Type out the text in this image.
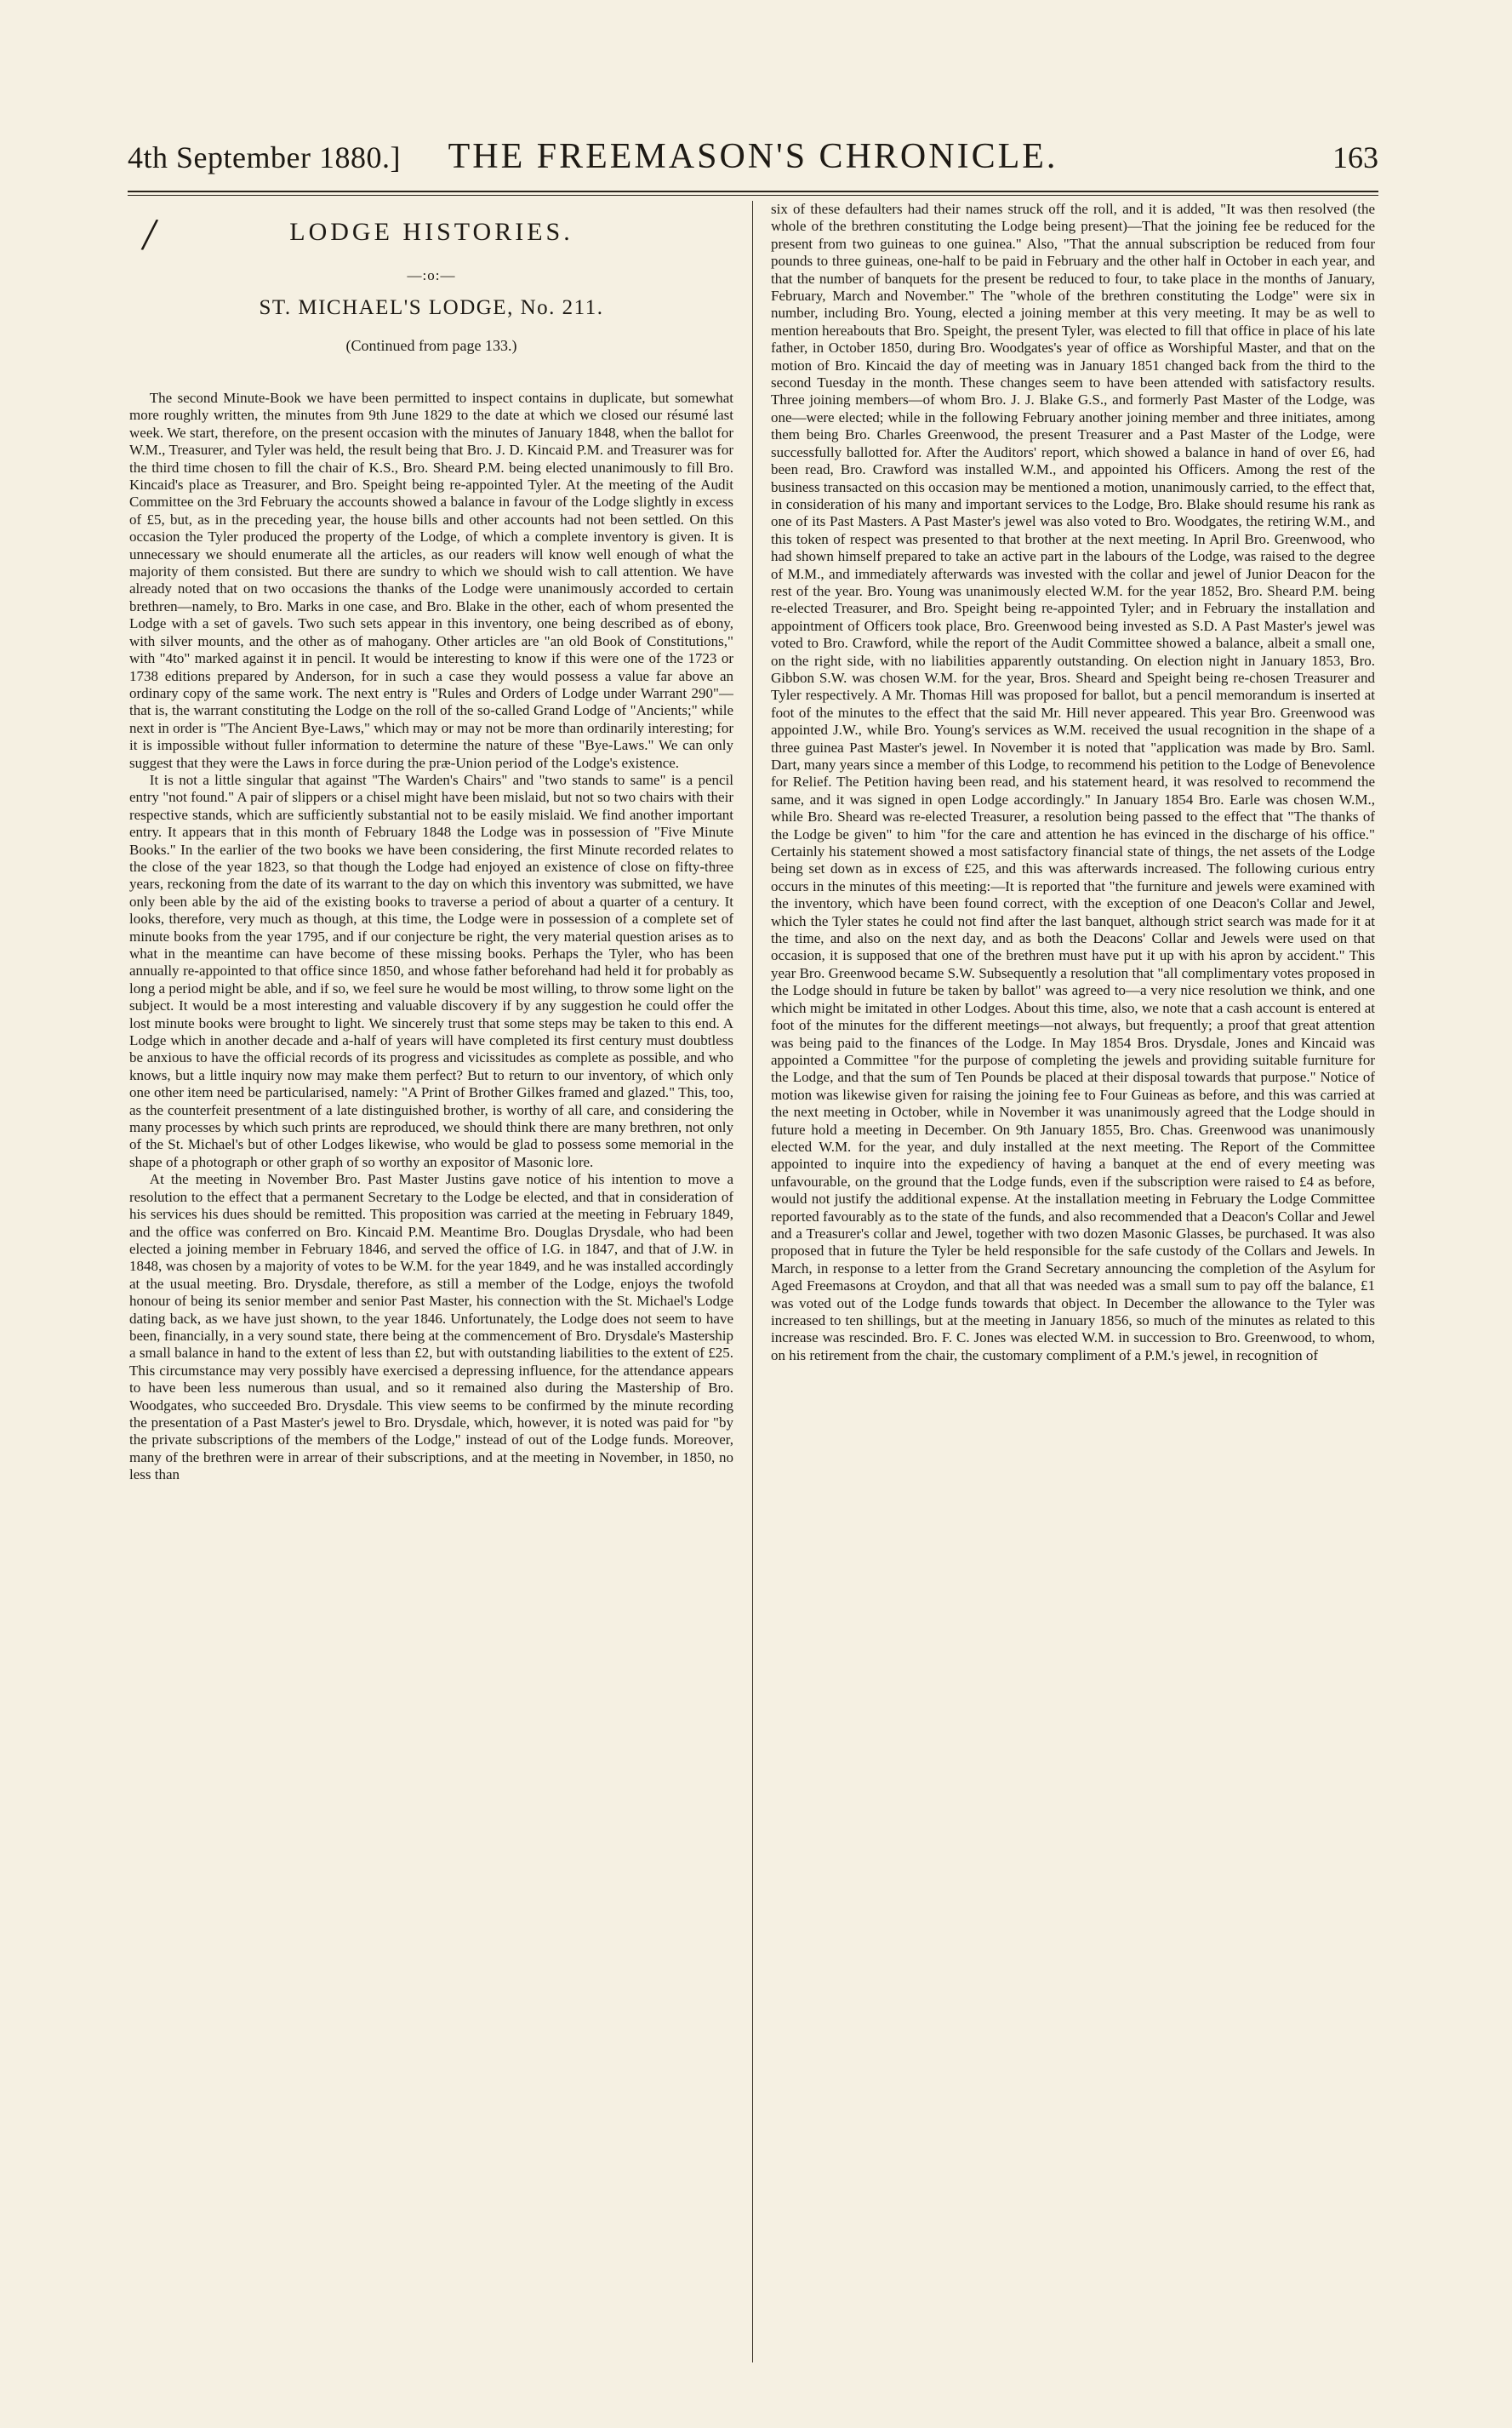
4th September 1880.]	THE FREEMASON'S CHRONICLE.	163
/	LODGE HISTORIES.
—:o:—
ST. MICHAEL'S LODGE, No. 211.
(Continued from page 133.)

The second Minute-Book we have been permitted to inspect contains in duplicate, but somewhat more roughly written, the minutes from 9th June 1829 to the date at which we closed our résumé last week. We start, therefore, on the present occasion with the minutes of January 1848, when the ballot for W.M., Treasurer, and Tyler was held, the result being that Bro. J. D. Kincaid P.M. and Treasurer was for the third time chosen to fill the chair of K.S., Bro. Sheard P.M. being elected unanimously to fill Bro. Kincaid's place as Treasurer, and Bro. Speight being re-appointed Tyler. At the meeting of the Audit Committee on the 3rd February the accounts showed a balance in favour of the Lodge slightly in excess of £5, but, as in the preceding year, the house bills and other accounts had not been settled. On this occasion the Tyler produced the property of the Lodge, of which a complete inventory is given. It is unnecessary we should enumerate all the articles, as our readers will know well enough of what the majority of them consisted. But there are sundry to which we should wish to call attention. We have already noted that on two occasions the thanks of the Lodge were unanimously accorded to certain brethren—namely, to Bro. Marks in one case, and Bro. Blake in the other, each of whom presented the Lodge with a set of gavels. Two such sets appear in this inventory, one being described as of ebony, with silver mounts, and the other as of mahogany. Other articles are "an old Book of Constitutions," with "4to" marked against it in pencil. It would be interesting to know if this were one of the 1723 or 1738 editions prepared by Anderson, for in such a case they would possess a value far above an ordinary copy of the same work. The next entry is "Rules and Orders of Lodge under Warrant 290"—that is, the warrant constituting the Lodge on the roll of the so-called Grand Lodge of "Ancients;" while next in order is "The Ancient Bye-Laws," which may or may not be more than ordinarily interesting; for it is impossible without fuller information to determine the nature of these "Bye-Laws." We can only suggest that they were the Laws in force during the præ-Union period of the Lodge's existence.

It is not a little singular that against "The Warden's Chairs" and "two stands to same" is a pencil entry "not found." A pair of slippers or a chisel might have been mislaid, but not so two chairs with their respective stands, which are sufficiently substantial not to be easily mislaid. We find another important entry. It appears that in this month of February 1848 the Lodge was in possession of "Five Minute Books." In the earlier of the two books we have been considering, the first Minute recorded relates to the close of the year 1823, so that though the Lodge had enjoyed an existence of close on fifty-three years, reckoning from the date of its warrant to the day on which this inventory was submitted, we have only been able by the aid of the existing books to traverse a period of about a quarter of a century. It looks, therefore, very much as though, at this time, the Lodge were in possession of a complete set of minute books from the year 1795, and if our conjecture be right, the very material question arises as to what in the meantime can have become of these missing books. Perhaps the Tyler, who has been annually re-appointed to that office since 1850, and whose father beforehand had held it for probably as long a period might be able, and if so, we feel sure he would be most willing, to throw some light on the subject. It would be a most interesting and valuable discovery if by any suggestion he could offer the lost minute books were brought to light. We sincerely trust that some steps may be taken to this end. A Lodge which in another decade and a-half of years will have completed its first century must doubtless be anxious to have the official records of its progress and vicissitudes as complete as possible, and who knows, but a little inquiry now may make them perfect? But to return to our inventory, of which only one other item need be particularised, namely: "A Print of Brother Gilkes framed and glazed." This, too, as the counterfeit presentment of a late distinguished brother, is worthy of all care, and considering the many processes by which such prints are reproduced, we should think there are many brethren, not only of the St. Michael's but of other Lodges likewise, who would be glad to possess some memorial in the shape of a photograph or other graph of so worthy an expositor of Masonic lore.

At the meeting in November Bro. Past Master Justins gave notice of his intention to move a resolution to the effect that a permanent Secretary to the Lodge be elected, and that in consideration of his services his dues should be remitted. This proposition was carried at the meeting in February 1849, and the office was conferred on Bro. Kincaid P.M. Meantime Bro. Douglas Drysdale, who had been elected a joining member in February 1846, and served the office of I.G. in 1847, and that of J.W. in 1848, was chosen by a majority of votes to be W.M. for the year 1849, and he was installed accordingly at the usual meeting. Bro. Drysdale, therefore, as still a member of the Lodge, enjoys the twofold honour of being its senior member and senior Past Master, his connection with the St. Michael's Lodge dating back, as we have just shown, to the year 1846. Unfortunately, the Lodge does not seem to have been, financially, in a very sound state, there being at the commencement of Bro. Drysdale's Mastership a small balance in hand to the extent of less than £2, but with outstanding liabilities to the extent of £25. This circumstance may very possibly have exercised a depressing influence, for the attendance appears to have been less numerous than usual, and so it remained also during the Mastership of Bro. Woodgates, who succeeded Bro. Drysdale. This view seems to be confirmed by the minute recording the presentation of a Past Master's jewel to Bro. Drysdale, which, however, it is noted was paid for "by the private subscriptions of the members of the Lodge," instead of out of the Lodge funds. Moreover, many of the brethren were in arrear of their subscriptions, and at the meeting in November, in 1850, no less than

six of these defaulters had their names struck off the roll, and it is added, "It was then resolved (the whole of the brethren constituting the Lodge being present)—That the joining fee be reduced for the present from two guineas to one guinea." Also, "That the annual subscription be reduced from four pounds to three guineas, one-half to be paid in February and the other half in October in each year, and that the number of banquets for the present be reduced to four, to take place in the months of January, February, March and November." The "whole of the brethren constituting the Lodge" were six in number, including Bro. Young, elected a joining member at this very meeting. It may be as well to mention hereabouts that Bro. Speight, the present Tyler, was elected to fill that office in place of his late father, in October 1850, during Bro. Woodgates's year of office as Worshipful Master, and that on the motion of Bro. Kincaid the day of meeting was in January 1851 changed back from the third to the second Tuesday in the month. These changes seem to have been attended with satisfactory results. Three joining members—of whom Bro. J. J. Blake G.S., and formerly Past Master of the Lodge, was one—were elected; while in the following February another joining member and three initiates, among them being Bro. Charles Greenwood, the present Treasurer and a Past Master of the Lodge, were successfully ballotted for. After the Auditors' report, which showed a balance in hand of over £6, had been read, Bro. Crawford was installed W.M., and appointed his Officers. Among the rest of the business transacted on this occasion may be mentioned a motion, unanimously carried, to the effect that, in consideration of his many and important services to the Lodge, Bro. Blake should resume his rank as one of its Past Masters. A Past Master's jewel was also voted to Bro. Woodgates, the retiring W.M., and this token of respect was presented to that brother at the next meeting. In April Bro. Greenwood, who had shown himself prepared to take an active part in the labours of the Lodge, was raised to the degree of M.M., and immediately afterwards was invested with the collar and jewel of Junior Deacon for the rest of the year. Bro. Young was unanimously elected W.M. for the year 1852, Bro. Sheard P.M. being re-elected Treasurer, and Bro. Speight being re-appointed Tyler; and in February the installation and appointment of Officers took place, Bro. Greenwood being invested as S.D. A Past Master's jewel was voted to Bro. Crawford, while the report of the Audit Committee showed a balance, albeit a small one, on the right side, with no liabilities apparently outstanding. On election night in January 1853, Bro. Gibbon S.W. was chosen W.M. for the year, Bros. Sheard and Speight being re-chosen Treasurer and Tyler respectively. A Mr. Thomas Hill was proposed for ballot, but a pencil memorandum is inserted at foot of the minutes to the effect that the said Mr. Hill never appeared. This year Bro. Greenwood was appointed J.W., while Bro. Young's services as W.M. received the usual recognition in the shape of a three guinea Past Master's jewel. In November it is noted that "application was made by Bro. Saml. Dart, many years since a member of this Lodge, to recommend his petition to the Lodge of Benevolence for Relief. The Petition having been read, and his statement heard, it was resolved to recommend the same, and it was signed in open Lodge accordingly." In January 1854 Bro. Earle was chosen W.M., while Bro. Sheard was re-elected Treasurer, a resolution being passed to the effect that "The thanks of the Lodge be given" to him "for the care and attention he has evinced in the discharge of his office." Certainly his statement showed a most satisfactory financial state of things, the net assets of the Lodge being set down as in excess of £25, and this was afterwards increased. The following curious entry occurs in the minutes of this meeting:—It is reported that "the furniture and jewels were examined with the inventory, which have been found correct, with the exception of one Deacon's Collar and Jewel, which the Tyler states he could not find after the last banquet, although strict search was made for it at the time, and also on the next day, and as both the Deacons' Collar and Jewels were used on that occasion, it is supposed that one of the brethren must have put it up with his apron by accident." This year Bro. Greenwood became S.W. Subsequently a resolution that "all complimentary votes proposed in the Lodge should in future be taken by ballot" was agreed to—a very nice resolution we think, and one which might be imitated in other Lodges. About this time, also, we note that a cash account is entered at foot of the minutes for the different meetings—not always, but frequently; a proof that great attention was being paid to the finances of the Lodge. In May 1854 Bros. Drysdale, Jones and Kincaid was appointed a Committee "for the purpose of completing the jewels and providing suitable furniture for the Lodge, and that the sum of Ten Pounds be placed at their disposal towards that purpose." Notice of motion was likewise given for raising the joining fee to Four Guineas as before, and this was carried at the next meeting in October, while in November it was unanimously agreed that the Lodge should in future hold a meeting in December. On 9th January 1855, Bro. Chas. Greenwood was unanimously elected W.M. for the year, and duly installed at the next meeting. The Report of the Committee appointed to inquire into the expediency of having a banquet at the end of every meeting was unfavourable, on the ground that the Lodge funds, even if the subscription were raised to £4 as before, would not justify the additional expense. At the installation meeting in February the Lodge Committee reported favourably as to the state of the funds, and also recommended that a Deacon's Collar and Jewel and a Treasurer's collar and Jewel, together with two dozen Masonic Glasses, be purchased. It was also proposed that in future the Tyler be held responsible for the safe custody of the Collars and Jewels. In March, in response to a letter from the Grand Secretary announcing the completion of the Asylum for Aged Freemasons at Croydon, and that all that was needed was a small sum to pay off the balance, £1 was voted out of the Lodge funds towards that object. In December the allowance to the Tyler was increased to ten shillings, but at the meeting in January 1856, so much of the minutes as related to this increase was rescinded. Bro. F. C. Jones was elected W.M. in succession to Bro. Greenwood, to whom, on his retirement from the chair, the customary compliment of a P.M.'s jewel, in recognition of
